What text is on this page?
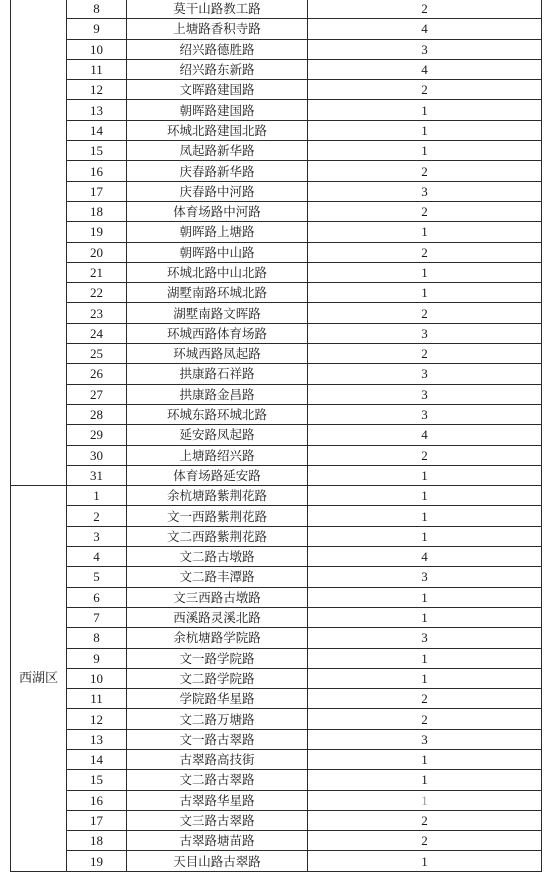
	8	莫干山路教工路	2
	9	上塘路香积寺路	4
	10	绍兴路德胜路	3
	11	绍兴路东新路	4
	12	文晖路建国路	2
	13	朝晖路建国路	1
	14	环城北路建国北路	1
	15	凤起路新华路	1
	16	庆春路新华路	2
	17	庆春路中河路	3
	18	体育场路中河路	2
	19	朝晖路上塘路	1
	20	朝晖路中山路	2
	21	环城北路中山北路	1
	22	湖墅南路环城北路	1
	23	湖墅南路文晖路	2
	24	环城西路体育场路	3
	25	环城西路凤起路	2
	26	拱康路石祥路	3
	27	拱康路金昌路	3
	28	环城东路环城北路	3
	29	延安路凤起路	4
	30	上塘路绍兴路	2
	31	体育场路延安路	1
西湖区	1	余杭塘路紫荆花路	1
	2	文一西路紫荆花路	1
	3	文二西路紫荆花路	1
	4	文二路古墩路	4
	5	文二路丰潭路	3
	6	文三西路古墩路	1
	7	西溪路灵溪北路	1
	8	余杭塘路学院路	3
	9	文一路学院路	1
	10	文二路学院路	1
	11	学院路华星路	2
	12	文二路万塘路	2
	13	文一路古翠路	3
	14	古翠路高技街	1
	15	文二路古翠路	1
	16	古翠路华星路	1
	17	文三路古翠路	2
	18	古翠路塘苗路	2
	19	天目山路古翠路	1
